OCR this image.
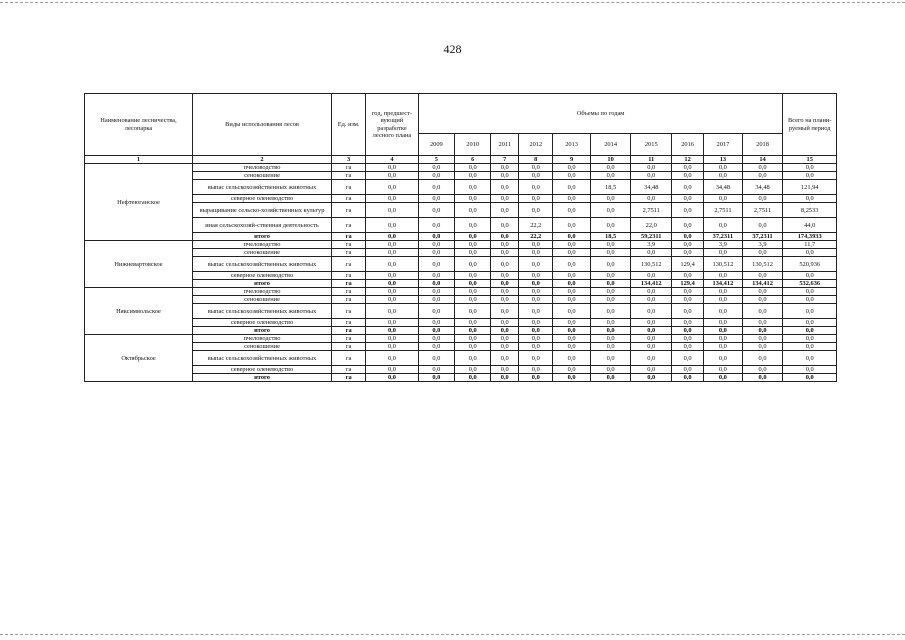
428
Наименование лесничества, лесопарка	Виды использования лесов	Ед. изм.	год, предшест-вующий разработке лесного плана	Объемы по годам										Всего на плани-руемый период
				2009	2010	2011	2012	2013	2014	2015	2016	2017	2018	
1	2	3	4	5	6	7	8	9	10	11	12	13	14	15
Нефтеюганское	пчеловодство	га	0,0	0,0	0,0	0,0	0,0	0,0	0,0	0,0	0,0	0,0	0,0	0,0
	сенокошение	га	0,0	0,0	0,0	0,0	0,0	0,0	0,0	0,0	0,0	0,0	0,0	0,0
	выпас сельскохозяйственных животных	га	0,0	0,0	0,0	0,0	0,0	0,0	18,5	34,48	0,0	34,48	34,48	121,94
	северное оленеводство	га	0,0	0,0	0,0	0,0	0,0	0,0	0,0	0,0	0,0	0,0	0,0	0,0
	выращивание сельско-хозяйственных культур	га	0,0	0,0	0,0	0,0	0,0	0,0	0,0	2,7511	0,0	2,7511	2,7511	8,2533
	иная сельскохозяй-ственная деятельность	га	0,0	0,0	0,0	0,0	22,2	0,0	0,0	22,0	0,0	0,0	0,0	44,0
	итого	га	0,0	0,0	0,0	0,0	22,2	0,0	18,5	59,2311	0,0	37,2311	37,2311	174,3933
Нижневартовское	пчеловодство	га	0,0	0,0	0,0	0,0	0,0	0,0	0,0	3,9	0,0	3,9	3,9	11,7
	сенокошение	га	0,0	0,0	0,0	0,0	0,0	0,0	0,0	0,0	0,0	0,0	0,0	0,0
	выпас сельскохозяйственных животных	га	0,0	0,0	0,0	0,0	0,0	0,0	0,0	130,512	129,4	130,512	130,512	520,936
	северное оленеводство	га	0,0	0,0	0,0	0,0	0,0	0,0	0,0	0,0	0,0	0,0	0,0	0,0
	итого	га	0,0	0,0	0,0	0,0	0,0	0,0	0,0	134,412	129,4	134,412	134,412	532,636
Няксимвольское	пчеловодство	га	0,0	0,0	0,0	0,0	0,0	0,0	0,0	0,0	0,0	0,0	0,0	0,0
	сенокошение	га	0,0	0,0	0,0	0,0	0,0	0,0	0,0	0,0	0,0	0,0	0,0	0,0
	выпас сельскохозяйственных животных	га	0,0	0,0	0,0	0,0	0,0	0,0	0,0	0,0	0,0	0,0	0,0	0,0
	северное оленеводство	га	0,0	0,0	0,0	0,0	0,0	0,0	0,0	0,0	0,0	0,0	0,0	0,0
	итого	га	0,0	0,0	0,0	0,0	0,0	0,0	0,0	0,0	0,0	0,0	0,0	0,0
Октябрьское	пчеловодство	га	0,0	0,0	0,0	0,0	0,0	0,0	0,0	0,0	0,0	0,0	0,0	0,0
	сенокошение	га	0,0	0,0	0,0	0,0	0,0	0,0	0,0	0,0	0,0	0,0	0,0	0,0
	выпас сельскохозяйственных животных	га	0,0	0,0	0,0	0,0	0,0	0,0	0,0	0,0	0,0	0,0	0,0	0,0
	северное оленеводство	га	0,0	0,0	0,0	0,0	0,0	0,0	0,0	0,0	0,0	0,0	0,0	0,0
	итого	га	0,0	0,0	0,0	0,0	0,0	0,0	0,0	0,0	0,0	0,0	0,0	0,0
